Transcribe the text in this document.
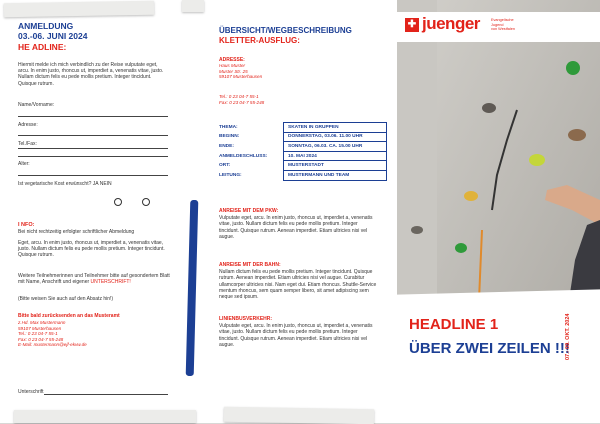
ANMELDUNG
03.-06. JUNI 2024
HE ADLINE:
Hiermit melde ich mich verbindlich zu der Reise vulputate eget, arcu. In enim justo, rhoncus ut, imperdiet a, venenatis vitae, justo. Nullam dictum felis eu pede mollis pretium. Integer tincidunt. Quisque rutrum.
Name/Vorname:
Adresse:
Tel./Fax:
Alter:
Ist vegetarische Kost erwünscht? JA NEIN
I NFO:
Bei nicht rechtzeitig erfolgter schriftlicher Abmeldung
Eget, arcu. In enim justo, rhoncus ut, imperdiet a, venenatis vitae, justo. Nullam dictum felis eu pede mollis pretium. Integer tincidunt. Quisque rutrum.
Weitere Teilnehmerinnen und Teilnehmer bitte auf gesondertem Blatt mit Name, Anschrift und eigener UNTERSCHRIFT!
(Bitte weisen Sie auch auf den Absatz hin!)
Bitte bald zurücksenden an das Musteramt
z.Hd. Max Mustermann
59107 Musterhausen
Tel.: 0 23 04-7 55-1
Fax: 0 23 04-7 55-248
E-Mail: mustermann@ejf-ekvw.de
Unterschrift
ÜBERSICHT/WEGBESCHREIBUNG
KLETTER-AUSFLUG:
ADRESSE:
Haus Muster
Muster Str. 25
59107 Musterhausen
Tel.: 0 23 04-7 55-1
Fax: 0 23 04-7 55-248
THEMA:	SKATEN IN GRUPPEN
BEGINN:	DONNERSTAG, 03.06. 11.00 UHR
ENDE:	SONNTAG, 06.03. CA. 15.00 UHR
ANMELDESCHLUSS:	10. MAI 2024
ORT:	MUSTERSTADT
LEITUNG:	MUSTERMANN UND TEAM
ANREISE MIT DEM PKW:
Vulputate eget, arcu. In enim justo, rhoncus ut, imperdiet a, venenatis vitae, justo. Nullam dictum felis eu pede mollis pretium. Integer tincidunt. Quisque rutrum. Aenean imperdiet. Etiam ultricies nisi vel augue.
ANREISE MIT DER BAHN:
Nullam dictum felis eu pede mollis pretium. Integer tincidunt. Quisque rutrum. Aenean imperdiet. Etiam ultricies nisi vel augue. Curabitur ullamcorper ultricies nisi. Nam eget dui. Etiam rhoncus. Shuttle-Service mentum rhoncus, sem quam semper libero, sit amet adipiscing sem neque sed ipsum.
LINIENBUSVERKEHR:
Vulputate eget, arcu. In enim justo, rhoncus ut, imperdiet a, venenatis vitae, justo. Nullam dictum felis eu pede mollis pretium. Integer tincidunt. Quisque rutrum. Aenean imperdiet. Etiam ultricies nisi vel augue.
✚ juenger	Evangelische
Jugend
von Westfalen
HEADLINE 1
ÜBER ZWEI ZEILEN !!!
07.- 09. OKT. 2024
